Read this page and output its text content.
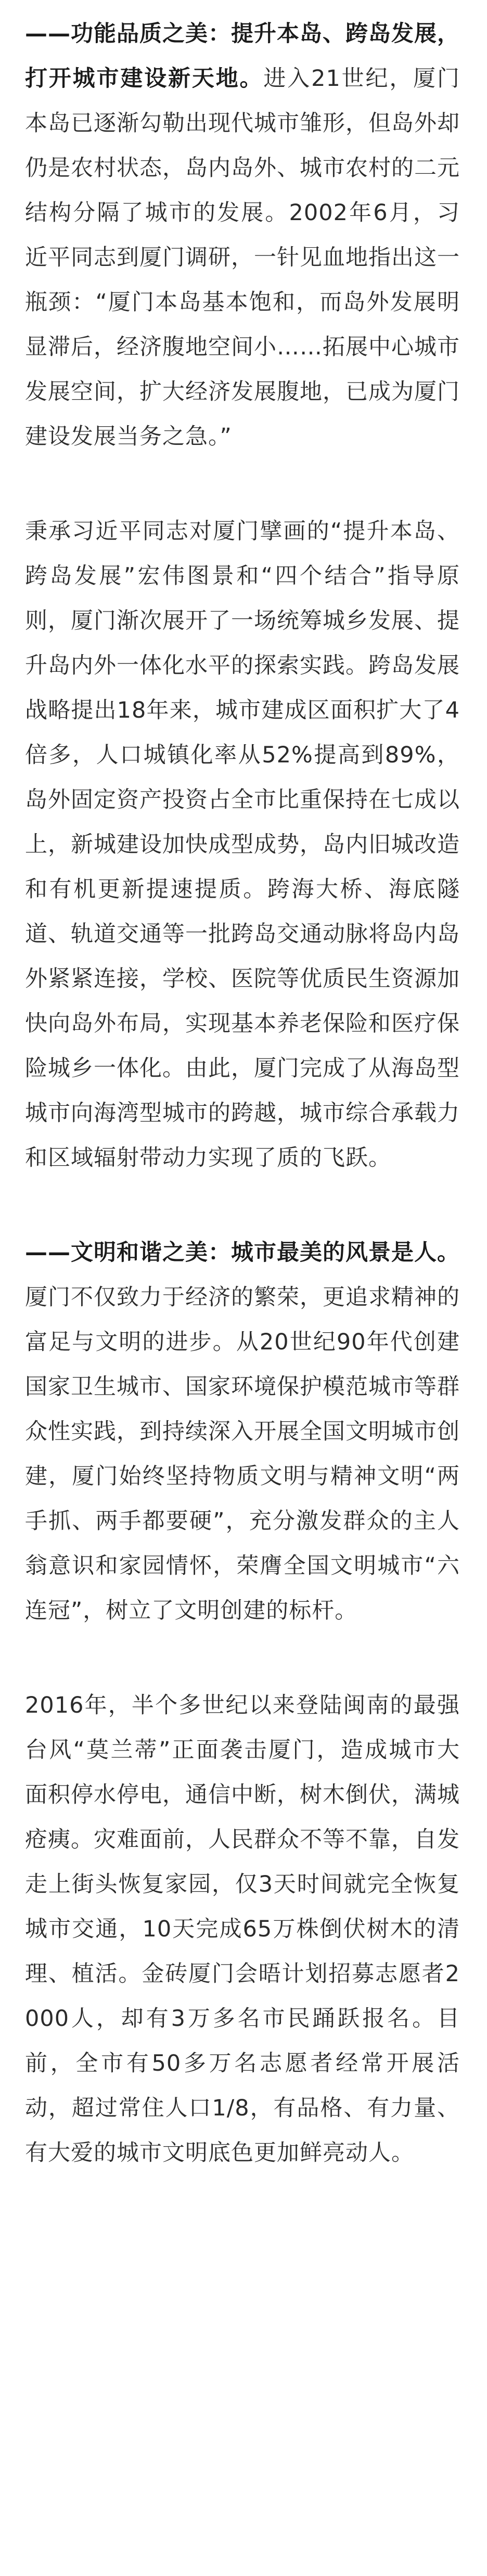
——功能品质之美：提升本岛、跨岛发展，打开城市建设新天地。进入21世纪，厦门本岛已逐渐勾勒出现代城市雏形，但岛外却仍是农村状态，岛内岛外、城市农村的二元结构分隔了城市的发展。2002年6月，习近平同志到厦门调研，一针见血地指出这一瓶颈：“厦门本岛基本饱和，而岛外发展明显滞后，经济腹地空间小……拓展中心城市发展空间，扩大经济发展腹地，已成为厦门建设发展当务之急。”

秉承习近平同志对厦门擘画的“提升本岛、跨岛发展”宏伟图景和“四个结合”指导原则，厦门渐次展开了一场统筹城乡发展、提升岛内外一体化水平的探索实践。跨岛发展战略提出18年来，城市建成区面积扩大了4倍多，人口城镇化率从52%提高到89%，岛外固定资产投资占全市比重保持在七成以上，新城建设加快成型成势，岛内旧城改造和有机更新提速提质。跨海大桥、海底隧道、轨道交通等一批跨岛交通动脉将岛内岛外紧紧连接，学校、医院等优质民生资源加快向岛外布局，实现基本养老保险和医疗保险城乡一体化。由此，厦门完成了从海岛型城市向海湾型城市的跨越，城市综合承载力和区域辐射带动力实现了质的飞跃。

——文明和谐之美：城市最美的风景是人。厦门不仅致力于经济的繁荣，更追求精神的富足与文明的进步。从20世纪90年代创建国家卫生城市、国家环境保护模范城市等群众性实践，到持续深入开展全国文明城市创建，厦门始终坚持物质文明与精神文明“两手抓、两手都要硬”，充分激发群众的主人翁意识和家园情怀，荣膺全国文明城市“六连冠”，树立了文明创建的标杆。

2016年，半个多世纪以来登陆闽南的最强台风“莫兰蒂”正面袭击厦门，造成城市大面积停水停电，通信中断，树木倒伏，满城疮痍。灾难面前，人民群众不等不靠，自发走上街头恢复家园，仅3天时间就完全恢复城市交通，10天完成65万株倒伏树木的清理、植活。金砖厦门会晤计划招募志愿者2000人，却有3万多名市民踊跃报名。目前，全市有50多万名志愿者经常开展活动，超过常住人口1/8，有品格、有力量、有大爱的城市文明底色更加鲜亮动人。
